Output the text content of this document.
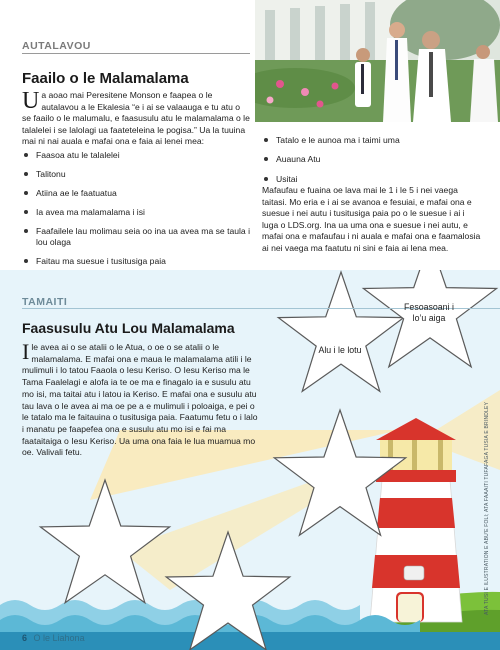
AUTALAVOU
Faailo o le Malamalama
Ua aoao mai Peresitene Monson e faapea o le autalavou a le Ekalesia “e i ai se valaauga e tu atu o se faailo o le malumalu, e faasusulu atu le malamalama o le talalelei i se lalolagi ua faateteleina le pogisa.” Ua la tuuina mai ni nai auala e mafai ona e faia ai lenei mea:
Faasoa atu le talalelei
Talitonu
Atiina ae le faatuatua
Ia avea ma malamalama i isi
Faafailele lau molimau seia oo ina ua avea ma se taula i lou olaga
Faitau ma suesue i tusitusiga paia
Tatalo e le aunoa ma i taimi uma
Auauna Atu
Usitai

Mafaufau e fuaina oe lava mai le 1 i le 5 i nei vaega taitasi. Mo eria e i ai se avanoa e fesuiai, e mafai ona e suesue i nei autu i tusitusiga paia po o le suesue i ai i luga o LDS.org. Ina ua uma ona e suesue i nei autu, e mafai ona e mafaufau i ni auala e mafai ona e faamalosia ai nei vaega ma faatutu ni sini e faia ai lena mea.

TAMAITI
Faasusulu Atu Lou Malamalama
Ile avea ai o se atalii o le Atua, o oe o se atalii o le malamalama. E mafai ona e maua le malamalama atili i le mulimuli i lo tatou Faaola o Iesu Keriso. O Iesu Keriso ma le Tama Faalelagi e alofa ia te oe ma e finagalo ia e susulu atu mo isi, ma taitai atu i latou ia Keriso. E mafai ona e susulu atu tau lava o le avea ai ma oe pe a e mulimuli i poloaiga, e pei o le tatalo ma le faitauina o tusitusiga paia. Faatumu fetu o i lalo i manatu pe faapefea ona e susulu atu mo isi e fai ma faataitaiga o Iesu Keriso. Ua uma ona faia le lua muamua mo oe. Valivali fetu.
Alu i le lotu
Fesoasoani i lo’u aiga
ATA TUSI E ILUSTRATION E ABU'E FOLI; ATA FAAAITI TUFAFAGA TUSIA E BRINDLEY
6 O le Liahona
